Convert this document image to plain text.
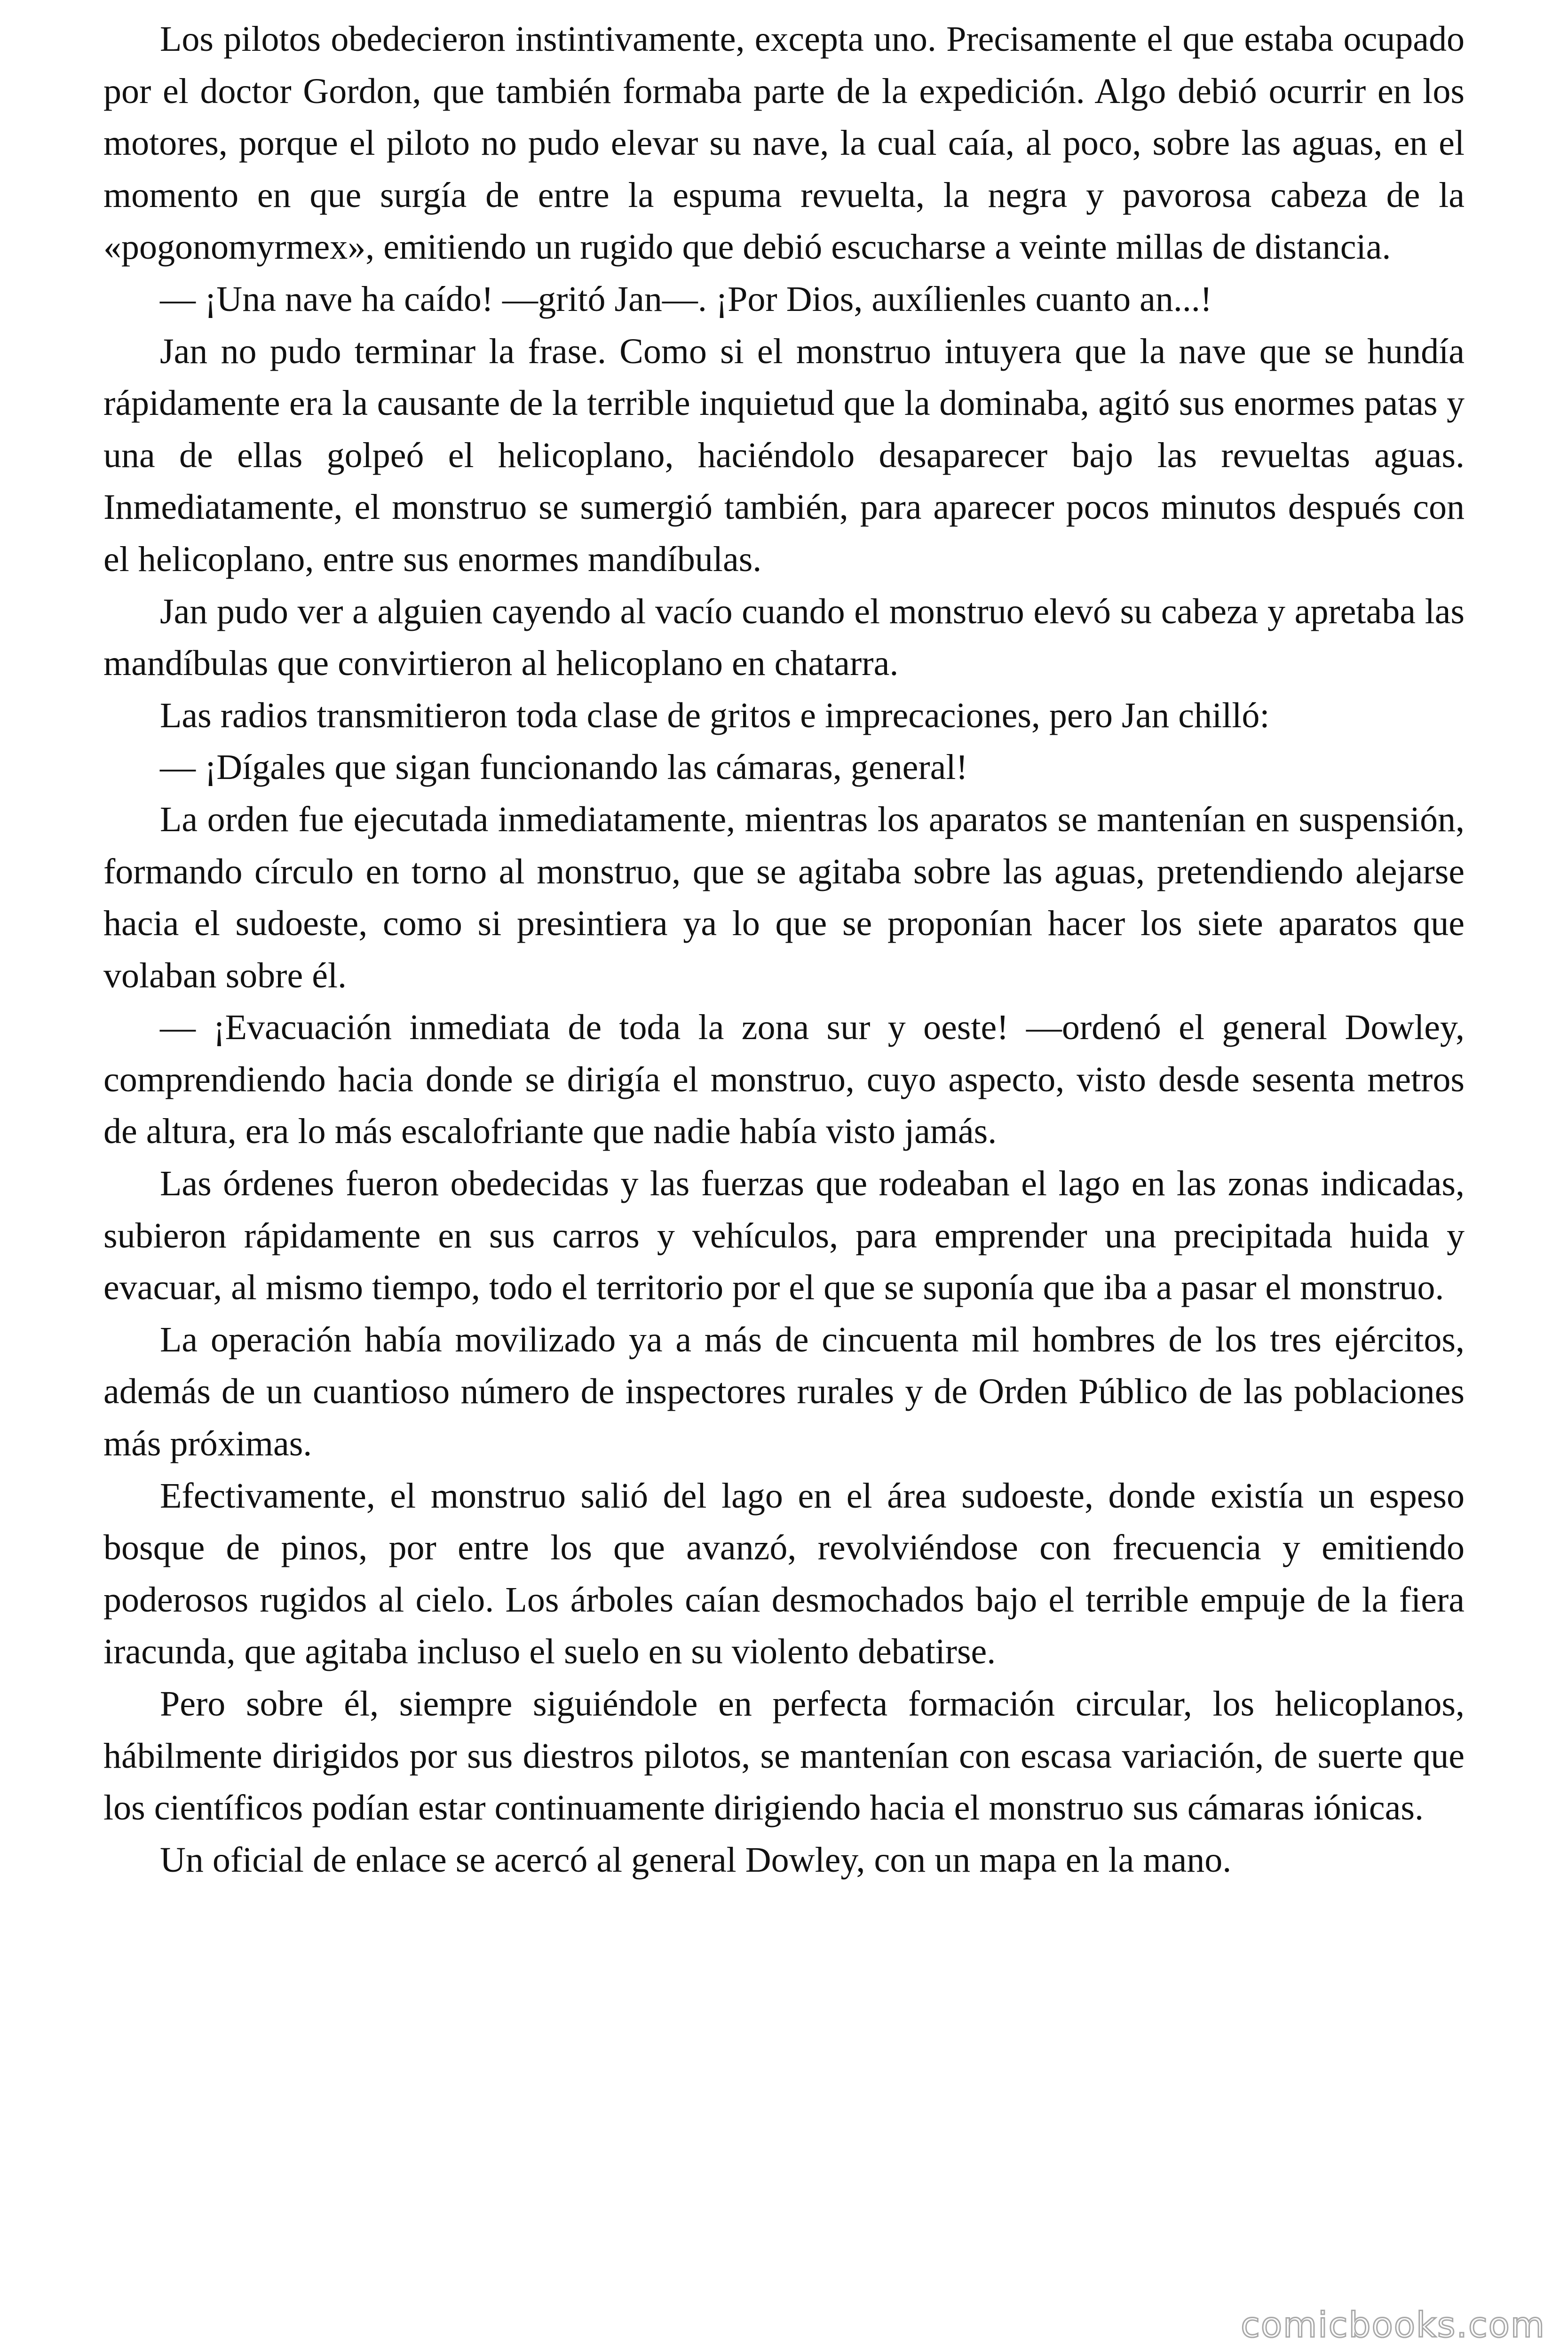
Los pilotos obedecieron instintivamente, excepta uno. Precisamente el que estaba ocupado por el doctor Gordon, que también formaba parte de la expedición. Algo debió ocurrir en los motores, porque el piloto no pudo elevar su nave, la cual caía, al poco, sobre las aguas, en el momento en que surgía de entre la espuma revuelta, la negra y pavorosa cabeza de la «pogonomyrmex», emitiendo un rugido que debió escucharse a veinte millas de distancia.

— ¡Una nave ha caído! —gritó Jan—. ¡Por Dios, auxílienles cuanto an...!

Jan no pudo terminar la frase. Como si el monstruo intuyera que la nave que se hundía rápidamente era la causante de la terrible inquietud que la dominaba, agitó sus enormes patas y una de ellas golpeó el helicoplano, haciéndolo desaparecer bajo las revueltas aguas. Inmediatamente, el monstruo se sumergió también, para aparecer pocos minutos después con el helicoplano, entre sus enormes mandíbulas.

Jan pudo ver a alguien cayendo al vacío cuando el monstruo elevó su cabeza y apretaba las mandíbulas que convirtieron al helicoplano en chatarra.

Las radios transmitieron toda clase de gritos e imprecaciones, pero Jan chilló:

— ¡Dígales que sigan funcionando las cámaras, general!

La orden fue ejecutada inmediatamente, mientras los aparatos se mantenían en suspensión, formando círculo en torno al monstruo, que se agitaba sobre las aguas, pretendiendo alejarse hacia el sudoeste, como si presintiera ya lo que se proponían hacer los siete aparatos que volaban sobre él.

— ¡Evacuación inmediata de toda la zona sur y oeste! —ordenó el general Dowley, comprendiendo hacia donde se dirigía el monstruo, cuyo aspecto, visto desde sesenta metros de altura, era lo más escalofriante que nadie había visto jamás.

Las órdenes fueron obedecidas y las fuerzas que rodeaban el lago en las zonas indicadas, subieron rápidamente en sus carros y vehículos, para emprender una precipitada huida y evacuar, al mismo tiempo, todo el territorio por el que se suponía que iba a pasar el monstruo.

La operación había movilizado ya a más de cincuenta mil hombres de los tres ejércitos, además de un cuantioso número de inspectores rurales y de Orden Público de las poblaciones más próximas.

Efectivamente, el monstruo salió del lago en el área sudoeste, donde existía un espeso bosque de pinos, por entre los que avanzó, revolviéndose con frecuencia y emitiendo poderosos rugidos al cielo. Los árboles caían desmochados bajo el terrible empuje de la fiera iracunda, que agitaba incluso el suelo en su violento debatirse.

Pero sobre él, siempre siguiéndole en perfecta formación circular, los helicoplanos, hábilmente dirigidos por sus diestros pilotos, se mantenían con escasa variación, de suerte que los científicos podían estar continuamente dirigiendo hacia el monstruo sus cámaras iónicas.

Un oficial de enlace se acercó al general Dowley, con un mapa en la mano.

comicbooks.com
